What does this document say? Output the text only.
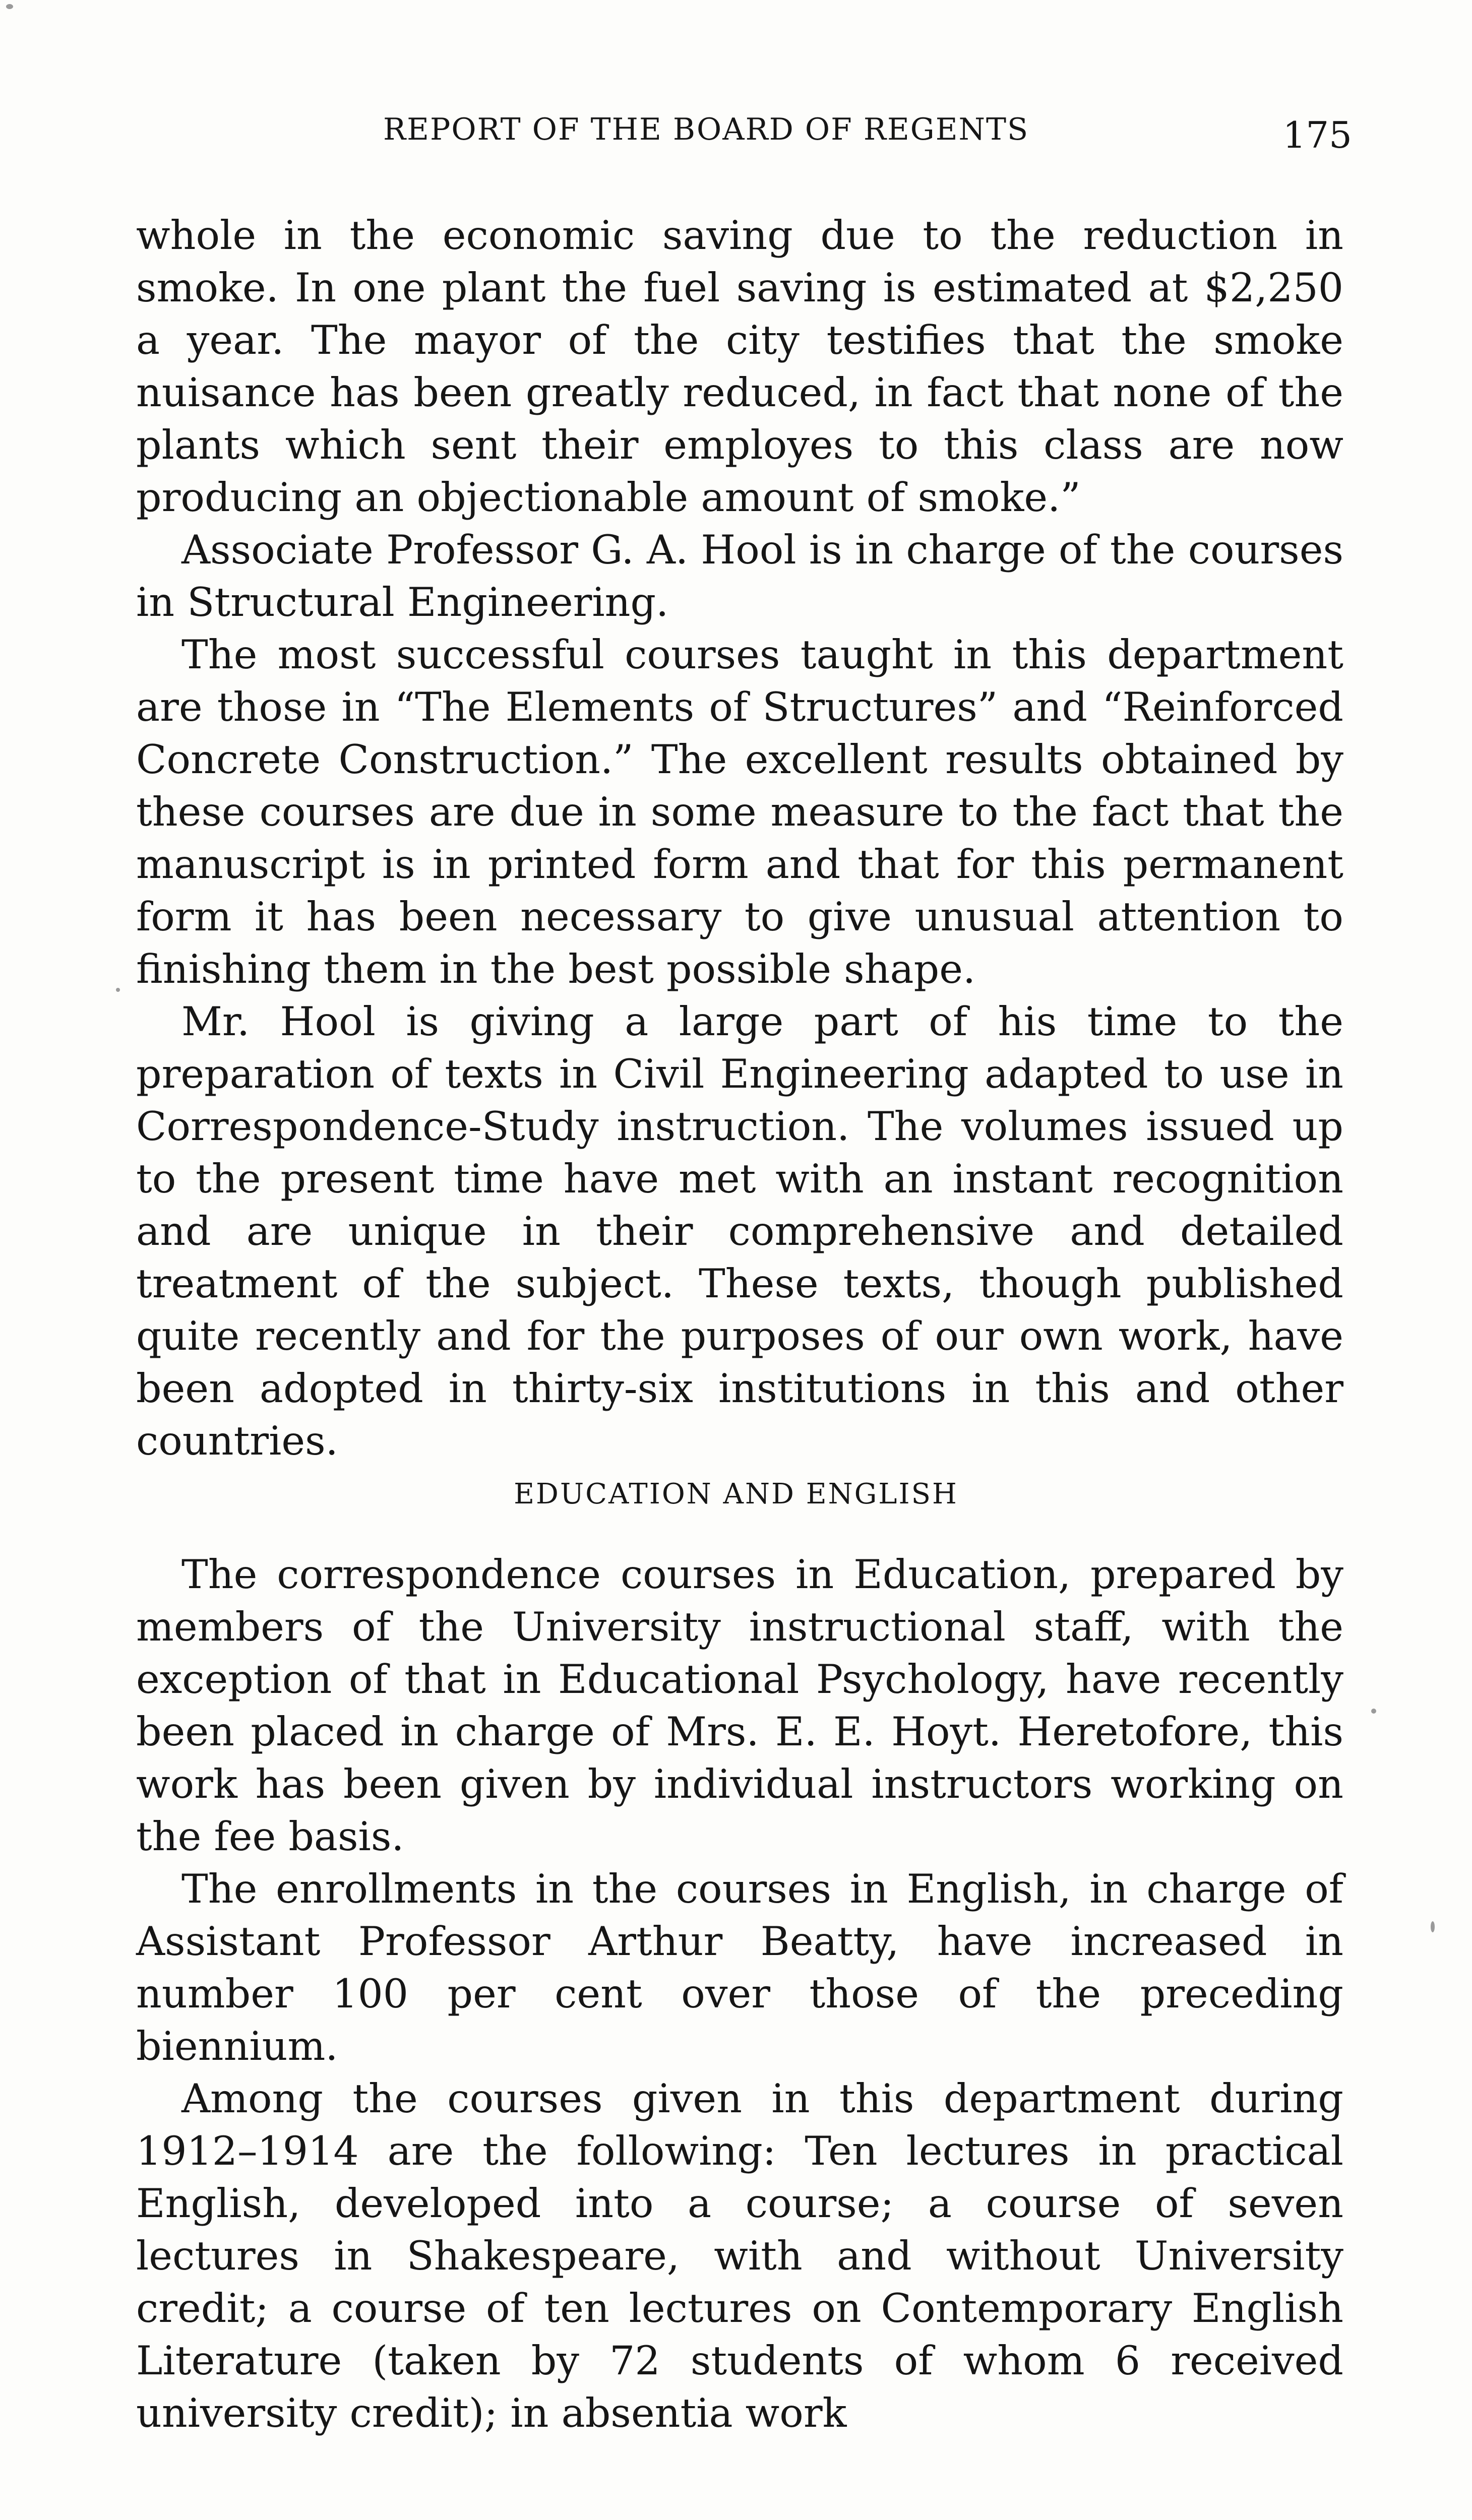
REPORT OF THE BOARD OF REGENTS	175

whole in the economic saving due to the reduction in smoke. In one plant the fuel saving is estimated at $2,250 a year. The mayor of the city testifies that the smoke nuisance has been greatly reduced, in fact that none of the plants which sent their employes to this class are now producing an objectionable amount of smoke.”

Associate Professor G. A. Hool is in charge of the courses in Structural Engineering.

The most successful courses taught in this department are those in “The Elements of Structures” and “Reinforced Concrete Construction.” The excellent results obtained by these courses are due in some measure to the fact that the manuscript is in printed form and that for this permanent form it has been necessary to give unusual attention to finishing them in the best possible shape.

Mr. Hool is giving a large part of his time to the preparation of texts in Civil Engineering adapted to use in Correspondence-Study instruction. The volumes issued up to the present time have met with an instant recognition and are unique in their comprehensive and detailed treatment of the subject. These texts, though published quite recently and for the purposes of our own work, have been adopted in thirty-six institutions in this and other countries.

EDUCATION AND ENGLISH

The correspondence courses in Education, prepared by members of the University instructional staff, with the exception of that in Educational Psychology, have recently been placed in charge of Mrs. E. E. Hoyt. Heretofore, this work has been given by individual instructors working on the fee basis.

The enrollments in the courses in English, in charge of Assistant Professor Arthur Beatty, have increased in number 100 per cent over those of the preceding biennium.

Among the courses given in this department during 1912–1914 are the following: Ten lectures in practical English, developed into a course; a course of seven lectures in Shakespeare, with and without University credit; a course of ten lectures on Contemporary English Literature (taken by 72 students of whom 6 received university credit); in absentia work
